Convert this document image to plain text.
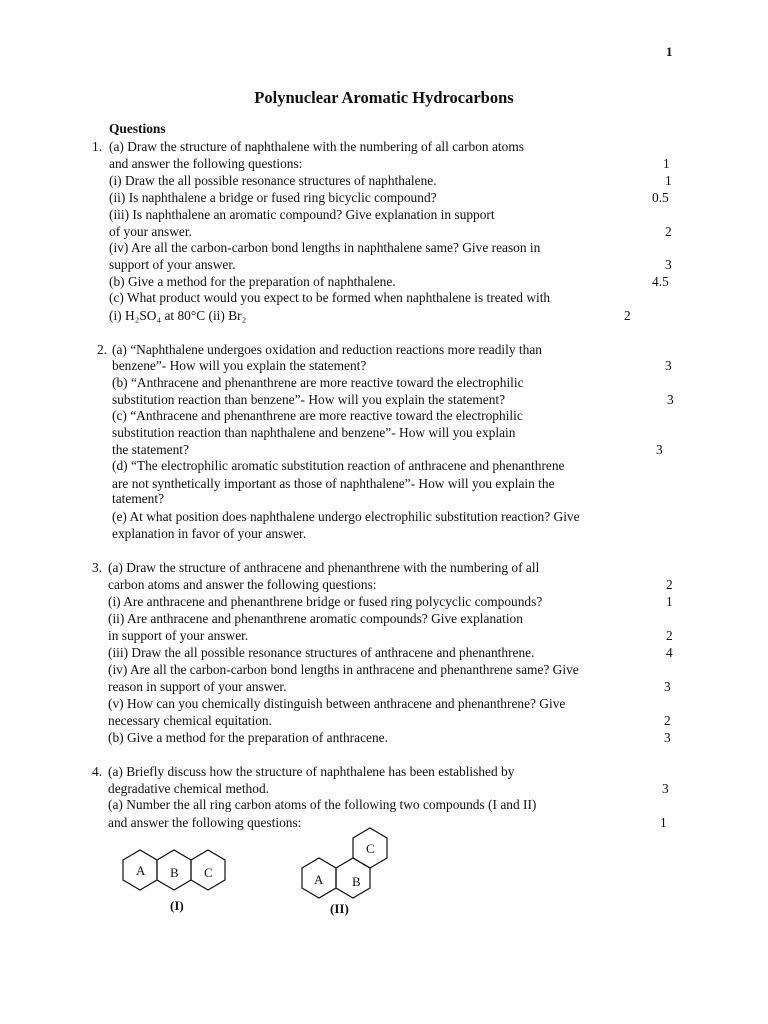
1
Polynuclear Aromatic Hydrocarbons
Questions
1. (a) Draw the structure of naphthalene with the numbering of all carbon atoms
and answer the following questions:	1
(i) Draw the all possible resonance structures of naphthalene.	1
(ii) Is naphthalene a bridge or fused ring bicyclic compound?	0.5
(iii) Is naphthalene an aromatic compound? Give explanation in support
of your answer.	2
(iv) Are all the carbon-carbon bond lengths in naphthalene same? Give reason in
support of your answer.	3
(b) Give a method for the preparation of naphthalene.	4.5
(c) What product would you expect to be formed when naphthalene is treated with
(i) H₂SO₄ at 80°C (ii) Br₂	2
2. (a) “Naphthalene undergoes oxidation and reduction reactions more readily than
benzene”- How will you explain the statement?	3
(b) “Anthracene and phenanthrene are more reactive toward the electrophilic
substitution reaction than benzene”- How will you explain the statement?	3
(c) “Anthracene and phenanthrene are more reactive toward the electrophilic
substitution reaction than naphthalene and benzene”- How will you explain
the statement?	3
(d) “The electrophilic aromatic substitution reaction of anthracene and phenanthrene
are not synthetically important as those of naphthalene”- How will you explain the
tatement?
(e) At what position does naphthalene undergo electrophilic substitution reaction? Give
explanation in favor of your answer.
3. (a) Draw the structure of anthracene and phenanthrene with the numbering of all
carbon atoms and answer the following questions:	2
(i) Are anthracene and phenanthrene bridge or fused ring polycyclic compounds?	1
(ii) Are anthracene and phenanthrene aromatic compounds? Give explanation
in support of your answer.	2
(iii) Draw the all possible resonance structures of anthracene and phenanthrene.	4
(iv) Are all the carbon-carbon bond lengths in anthracene and phenanthrene same? Give
reason in support of your answer.	3
(v) How can you chemically distinguish between anthracene and phenanthrene? Give
necessary chemical equitation.	2
(b) Give a method for the preparation of anthracene.	3
4. (a) Briefly discuss how the structure of naphthalene has been established by
degradative chemical method.	3
(a) Number the all ring carbon atoms of the following two compounds (I and II)
and answer the following questions:	1
A B C
(I)
A B
C
(II)
